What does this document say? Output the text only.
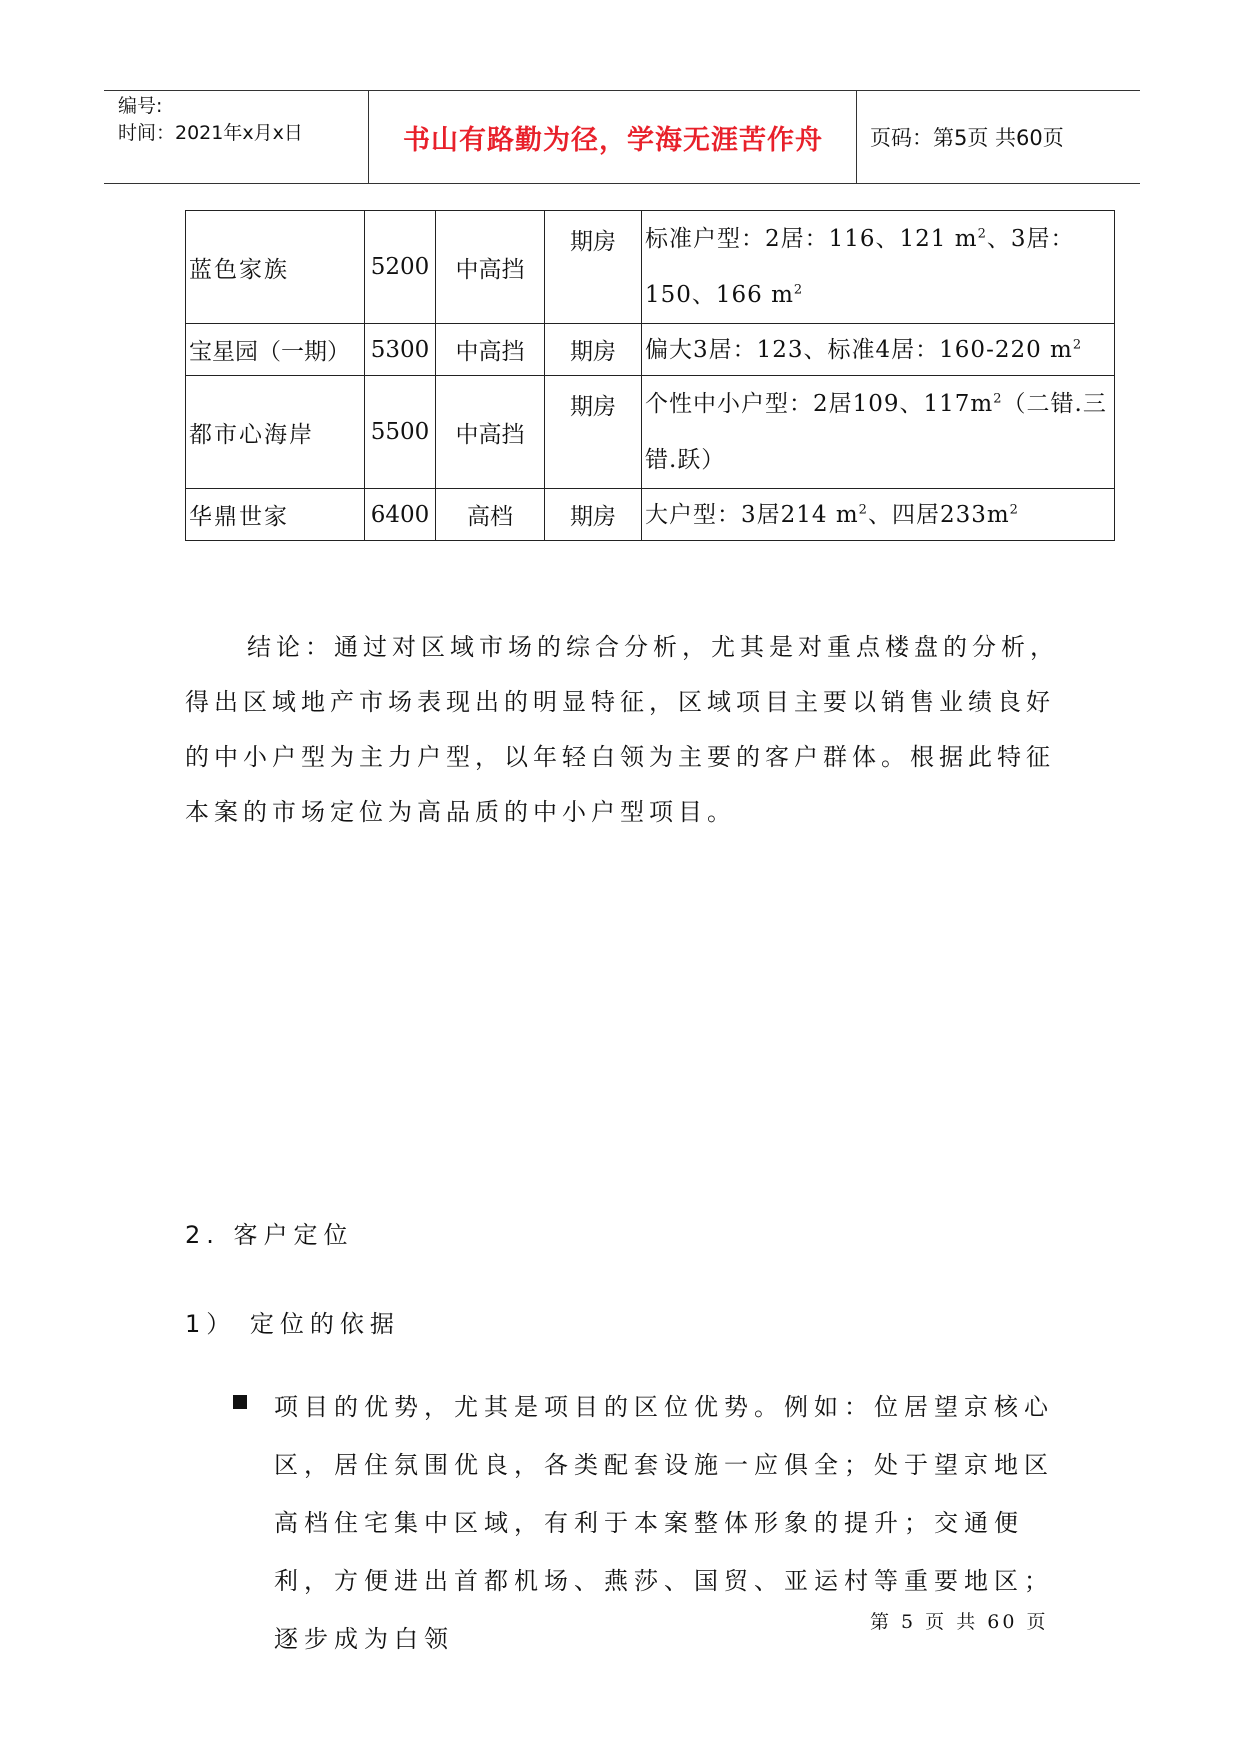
编号:
时间：2021年x月x日	书山有路勤为径，学海无涯苦作舟	页码：第5页 共60页
蓝色家族	5200	中高挡	期房	标准户型：2居：116、121 $m^2$、3居：150、166 $m^2$
宝星园（一期）	5300	中高挡	期房	偏大3居：123、标准4居：160-220 $m^2$
都市心海岸	5500	中高挡	期房	个性中小户型：2居109、$117m^2$（二错.三错.跃）
华鼎世家	6400	高档	期房	大户型：3居214 $m^2$、四居$233m^2$
结论：通过对区域市场的综合分析，尤其是对重点楼盘的分析，得出区域地产市场表现出的明显特征，区域项目主要以销售业绩良好的中小户型为主力户型，以年轻白领为主要的客户群体。根据此特征本案的市场定位为高品质的中小户型项目。
2. 客户定位
1） 定位的依据
项目的优势，尤其是项目的区位优势。例如：位居望京核心区，居住氛围优良，各类配套设施一应俱全；处于望京地区高档住宅集中区域，有利于本案整体形象的提升；交通便利，方便进出首都机场、燕莎、国贸、亚运村等重要地区；逐步成为白领
第 5 页 共 60 页
